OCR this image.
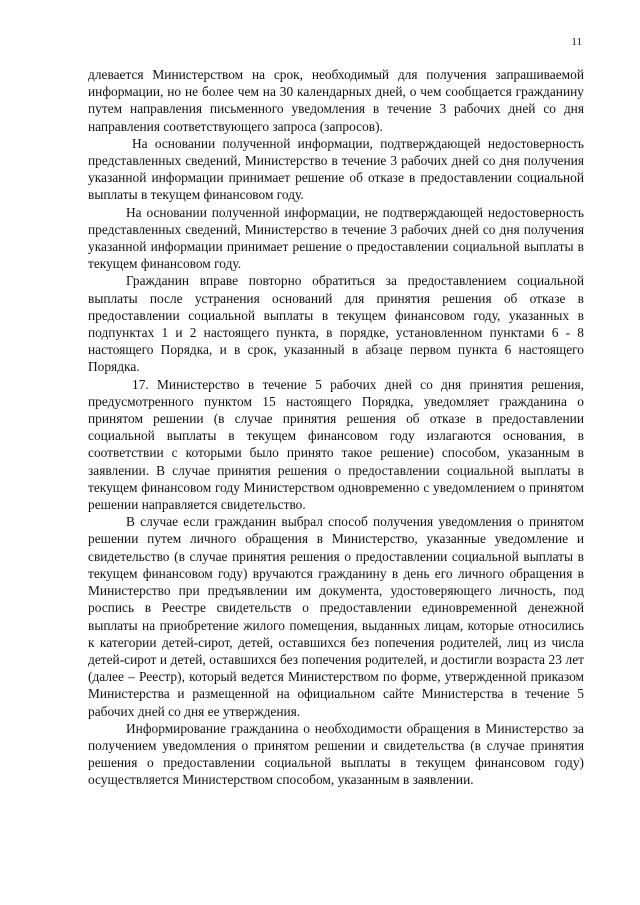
11

длевается Министерством на срок, необходимый для получения запрашиваемой информации, но не более чем на 30 календарных дней, о чем сообщается гражданину путем направления письменного уведомления в течение 3 рабочих дней со дня направления соответствующего запроса (запросов).

На основании полученной информации, подтверждающей недостоверность представленных сведений, Министерство в течение 3 рабочих дней со дня получения указанной информации принимает решение об отказе в предоставлении социальной выплаты в текущем финансовом году.

На основании полученной информации, не подтверждающей недостоверность представленных сведений, Министерство в течение 3 рабочих дней со дня получения указанной информации принимает решение о предоставлении социальной выплаты в текущем финансовом году.

Гражданин вправе повторно обратиться за предоставлением социальной выплаты после устранения оснований для принятия решения об отказе в предоставлении социальной выплаты в текущем финансовом году, указанных в подпунктах 1 и 2 настоящего пункта, в порядке, установленном пунктами 6 - 8 настоящего Порядка, и в срок, указанный в абзаце первом пункта 6 настоящего Порядка.

17. Министерство в течение 5 рабочих дней со дня принятия решения, предусмотренного пунктом 15 настоящего Порядка, уведомляет гражданина о принятом решении (в случае принятия решения об отказе в предоставлении социальной выплаты в текущем финансовом году излагаются основания, в соответствии с которыми было принято такое решение) способом, указанным в заявлении. В случае принятия решения о предоставлении социальной выплаты в текущем финансовом году Министерством одновременно с уведомлением о принятом решении направляется свидетельство.

В случае если гражданин выбрал способ получения уведомления о принятом решении путем личного обращения в Министерство, указанные уведомление и свидетельство (в случае принятия решения о предоставлении социальной выплаты в текущем финансовом году) вручаются гражданину в день его личного обращения в Министерство при предъявлении им документа, удостоверяющего личность, под роспись в Реестре свидетельств о предоставлении единовременной денежной выплаты на приобретение жилого помещения, выданных лицам, которые относились к категории детей-сирот, детей, оставшихся без попечения родителей, лиц из числа детей-сирот и детей, оставшихся без попечения родителей, и достигли возраста 23 лет (далее – Реестр), который ведется Министерством по форме, утвержденной приказом Министерства и размещенной на официальном сайте Министерства в течение 5 рабочих дней со дня ее утверждения.

Информирование гражданина о необходимости обращения в Министерство за получением уведомления о принятом решении и свидетельства (в случае принятия решения о предоставлении социальной выплаты в текущем финансовом году) осуществляется Министерством способом, указанным в заявлении.
